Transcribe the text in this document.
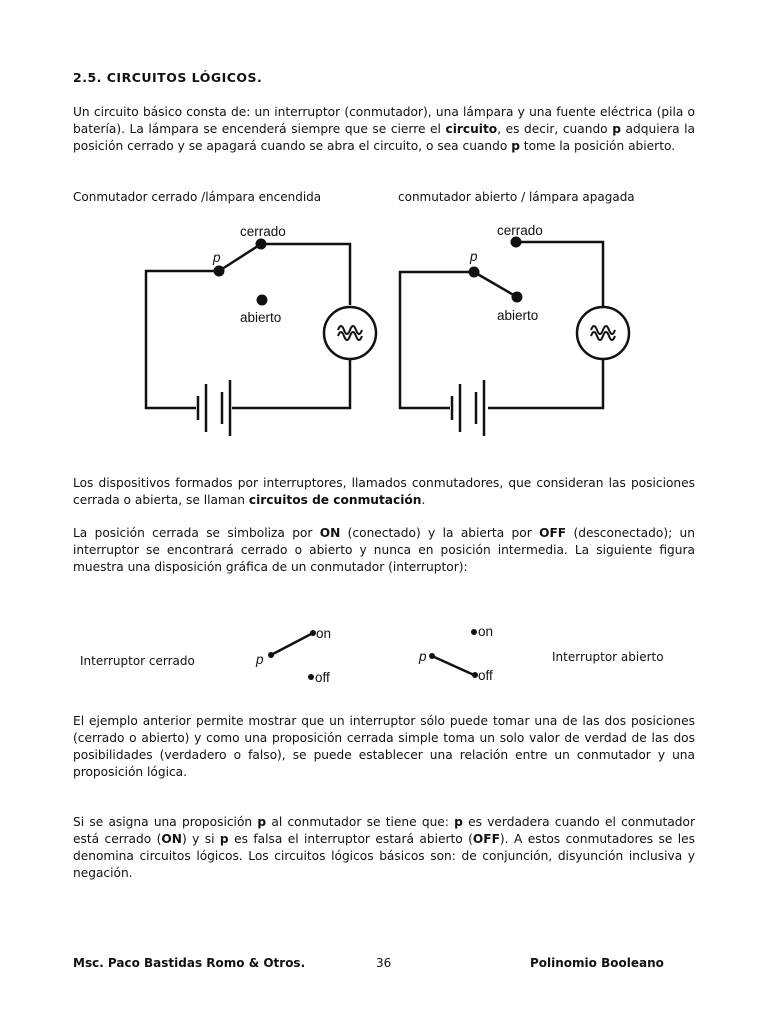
2.5. CIRCUITOS LÓGICOS.

Un circuito básico consta de: un interruptor (conmutador), una lámpara y una fuente eléctrica (pila o batería). La lámpara se encenderá siempre que se cierre el circuito, es decir, cuando p adquiera la posición cerrado y se apagará cuando se abra el circuito, o sea cuando p tome la posición abierto.

Conmutador cerrado /lámpara encendida	conmutador abierto / lámpara apagada
cerrado
abierto
p
cerrado
abierto
p

Los dispositivos formados por interruptores, llamados conmutadores, que consideran las posiciones cerrada o abierta, se llaman circuitos de conmutación.

La posición cerrada se simboliza por ON (conectado) y la abierta por OFF (desconectado); un interruptor se encontrará cerrado o abierto y nunca en posición intermedia. La siguiente figura muestra una disposición gráfica de un conmutador (interruptor):

Interruptor cerrado	Interruptor abierto
p
on
off
p
on
off

El ejemplo anterior permite mostrar que un interruptor sólo puede tomar una de las dos posiciones (cerrado o abierto) y como una proposición cerrada simple toma un solo valor de verdad de las dos posibilidades (verdadero o falso), se puede establecer una relación entre un conmutador y una proposición lógica.

Si se asigna una proposición p al conmutador se tiene que: p es verdadera cuando el conmutador está cerrado (ON) y si p es falsa el interruptor estará abierto (OFF). A estos conmutadores se les denomina circuitos lógicos. Los circuitos lógicos básicos son: de conjunción, disyunción inclusiva y negación.

Msc. Paco Bastidas Romo & Otros.	36	Polinomio Booleano
